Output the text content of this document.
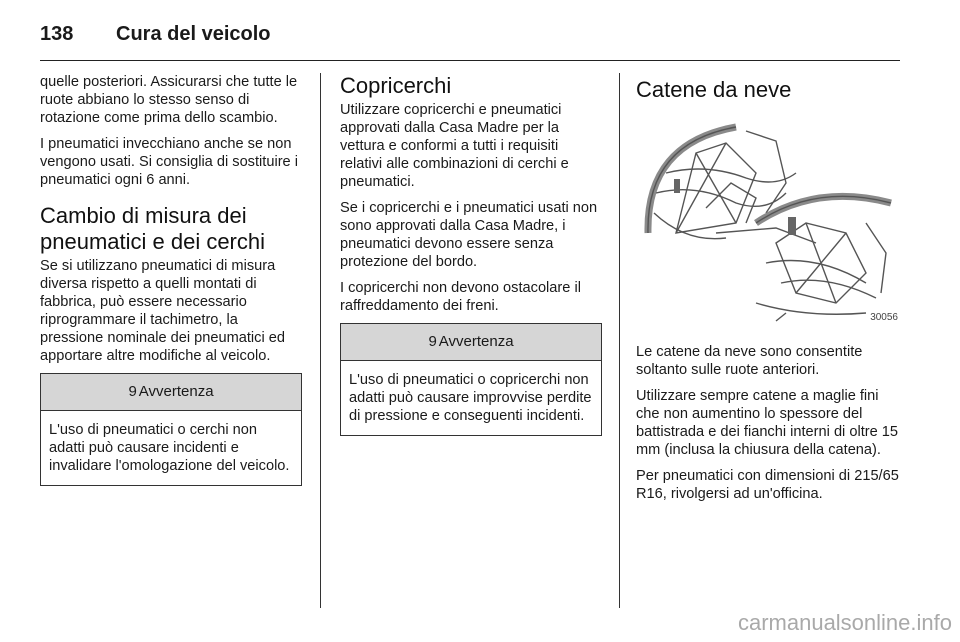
138	Cura del veicolo

quelle posteriori. Assicurarsi che tutte le ruote abbiano lo stesso senso di rotazione come prima dello scambio.

I pneumatici invecchiano anche se non vengono usati. Si consiglia di sostituire i pneumatici ogni 6 anni.

Cambio di misura dei pneumatici e dei cerchi

Se si utilizzano pneumatici di misura diversa rispetto a quelli montati di fabbrica, può essere necessario riprogrammare il tachimetro, la pressione nominale dei pneumatici ed apportare altre modifiche al veicolo.

9 Avvertenza
L'uso di pneumatici o cerchi non adatti può causare incidenti e invalidare l'omologazione del veicolo.
Copricerchi

Utilizzare copricerchi e pneumatici approvati dalla Casa Madre per la vettura e conformi a tutti i requisiti relativi alle combinazioni di cerchi e pneumatici.

Se i copricerchi e i pneumatici usati non sono approvati dalla Casa Madre, i pneumatici devono essere senza protezione del bordo.

I copricerchi non devono ostacolare il raffreddamento dei freni.

9 Avvertenza
L'uso di pneumatici o copricerchi non adatti può causare improvvise perdite di pressione e conseguenti incidenti.
Catene da neve
30056

Le catene da neve sono consentite soltanto sulle ruote anteriori.

Utilizzare sempre catene a maglie fini che non aumentino lo spessore del battistrada e dei fianchi interni di oltre 15 mm (inclusa la chiusura della catena).

Per pneumatici con dimensioni di 215/65 R16, rivolgersi ad un'officina.

carmanualsonline.info
